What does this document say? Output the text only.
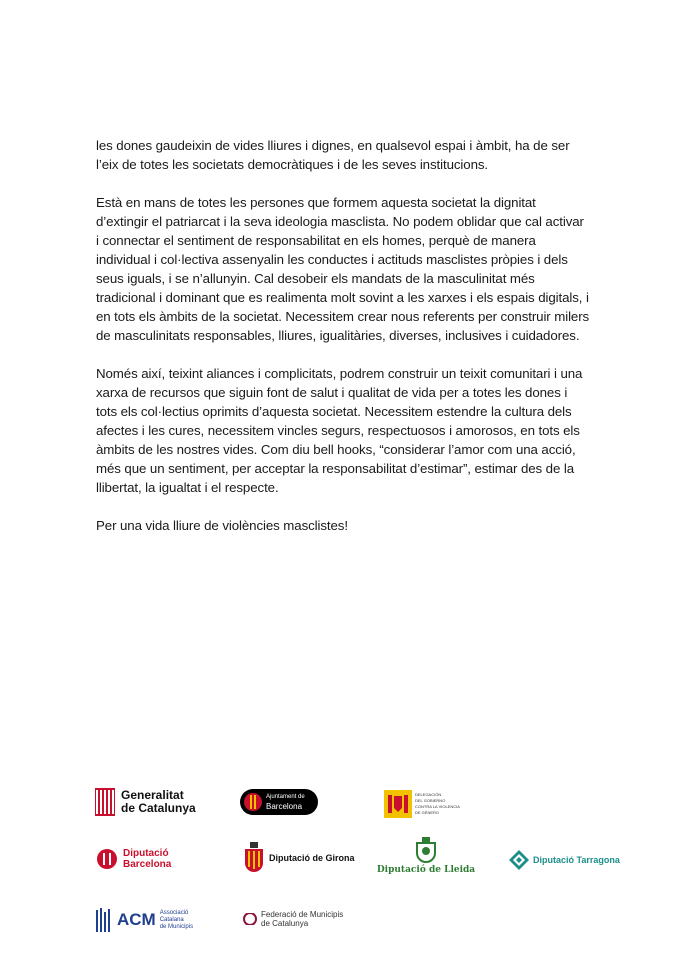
les dones gaudeixin de vides lliures i dignes, en qualsevol espai i àmbit, ha de ser
l’eix de totes les societats democràtiques i de les seves institucions.

Està en mans de totes les persones que formem aquesta societat la dignitat
d’extingir el patriarcat i la seva ideologia masclista. No podem oblidar que cal activar
i connectar el sentiment de responsabilitat en els homes, perquè de manera
individual i col·lectiva assenyalin les conductes i actituds masclistes pròpies i dels
seus iguals, i se n’allunyin. Cal desobeir els mandats de la masculinitat més
tradicional i dominant que es realimenta molt sovint a les xarxes i els espais digitals, i
en tots els àmbits de la societat. Necessitem crear nous referents per construir milers
de masculinitats responsables, lliures, igualitàries, diverses, inclusives i cuidadores.

Només així, teixint aliances i complicitats, podrem construir un teixit comunitari i una
xarxa de recursos que siguin font de salut i qualitat de vida per a totes les dones i
tots els col·lectius oprimits d’aquesta societat. Necessitem estendre la cultura dels
afectes i les cures, necessitem vincles segurs, respectuosos i amorosos, en tots els
àmbits de les nostres vides. Com diu bell hooks, “considerar l’amor com una acció,
més que un sentiment, per acceptar la responsabilitat d’estimar”, estimar des de la
llibertat, la igualtat i el respecte.

Per una vida lliure de violències masclistes!

Generalitat
de Catalunya
Ajuntament de
Barcelona
DELEGACIÓN
DEL GOBIERNO
CONTRA LA VIOLENCIA
DE GÉNERO
Diputació
Barcelona
Diputació de Girona
Diputació de Lleida
Diputació Tarragona
ACM Associació
Catalana
de Municipis
Federació de Municipis
de Catalunya
